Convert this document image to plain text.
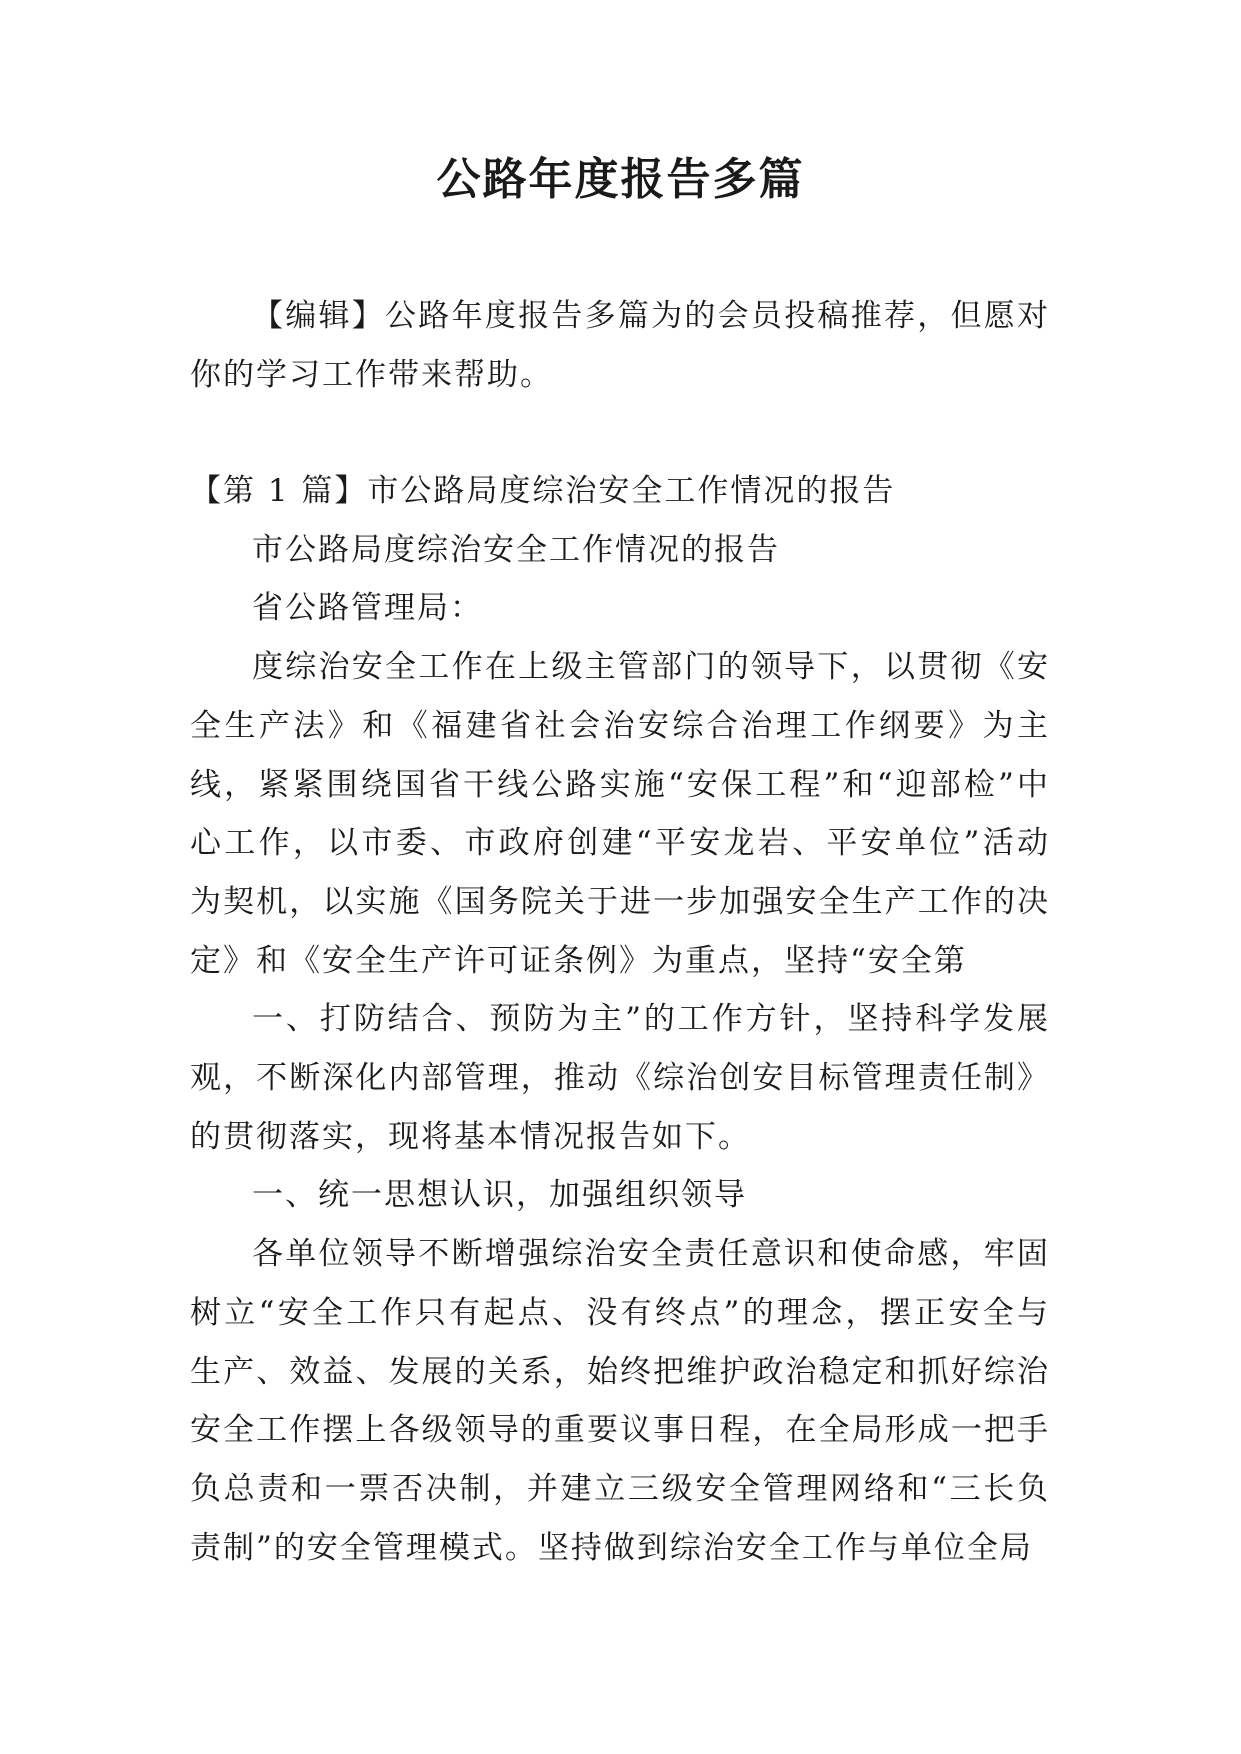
公路年度报告多篇

【编辑】公路年度报告多篇为的会员投稿推荐，但愿对你的学习工作带来帮助。

【第 1 篇】市公路局度综治安全工作情况的报告

市公路局度综治安全工作情况的报告

省公路管理局：

度综治安全工作在上级主管部门的领导下，以贯彻《安全生产法》和《福建省社会治安综合治理工作纲要》为主线，紧紧围绕国省干线公路实施“安保工程”和“迎部检”中心工作，以市委、市政府创建“平安龙岩、平安单位”活动为契机，以实施《国务院关于进一步加强安全生产工作的决定》和《安全生产许可证条例》为重点，坚持“安全第

一、打防结合、预防为主”的工作方针，坚持科学发展观，不断深化内部管理，推动《综治创安目标管理责任制》的贯彻落实，现将基本情况报告如下。

一、统一思想认识，加强组织领导

各单位领导不断增强综治安全责任意识和使命感，牢固树立“安全工作只有起点、没有终点”的理念，摆正安全与生产、效益、发展的关系，始终把维护政治稳定和抓好综治安全工作摆上各级领导的重要议事日程，在全局形成一把手负总责和一票否决制，并建立三级安全管理网络和“三长负责制”的安全管理模式。坚持做到综治安全工作与单位全局
